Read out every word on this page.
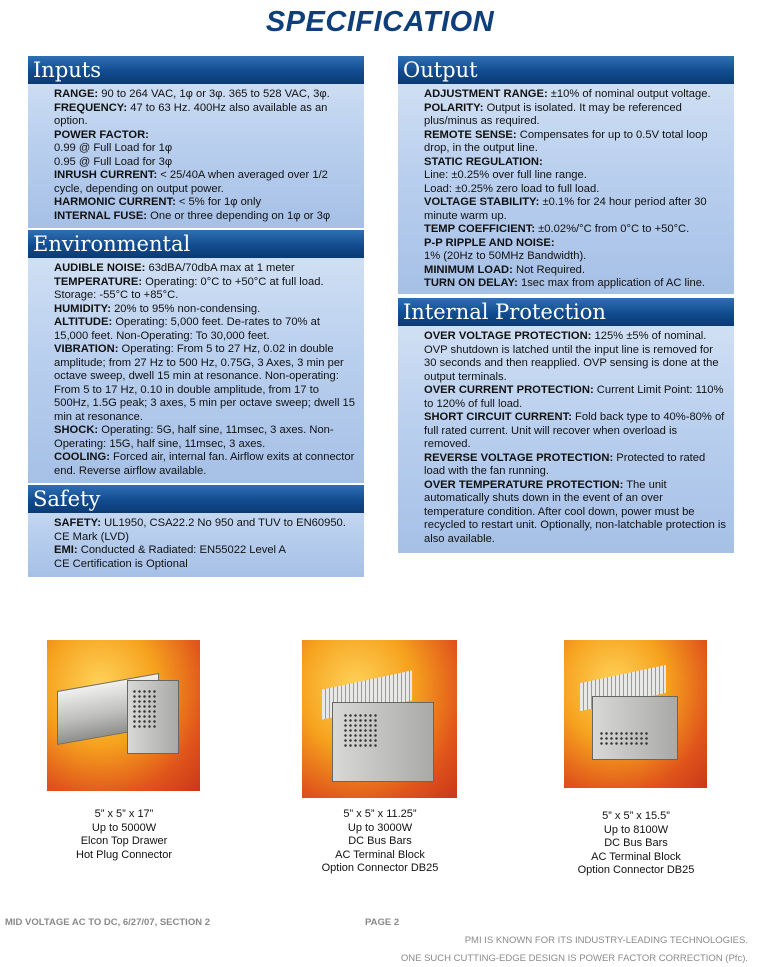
SPECIFICATION
Inputs

RANGE: 90 to 264 VAC, 1φ or 3φ. 365 to 528 VAC, 3φ.

FREQUENCY: 47 to 63 Hz. 400Hz also available as an option.

POWER FACTOR:

0.99 @ Full Load for 1φ

0.95 @ Full Load for 3φ

INRUSH CURRENT: < 25/40A when averaged over 1/2 cycle, depending on output power.

HARMONIC CURRENT: < 5% for 1φ only

INTERNAL FUSE: One or three depending on 1φ or 3φ

Environmental

AUDIBLE NOISE: 63dBA/70dbA max at 1 meter

TEMPERATURE: Operating: 0°C to +50°C at full load. Storage: -55°C to +85°C.

HUMIDITY: 20% to 95% non-condensing.

ALTITUDE: Operating: 5,000 feet. De-rates to 70% at 15,000 feet. Non-Operating: To 30,000 feet.

VIBRATION: Operating: From 5 to 27 Hz, 0.02 in double amplitude; from 27 Hz to 500 Hz, 0.75G, 3 Axes, 3 min per octave sweep, dwell 15 min at resonance. Non-operating: From 5 to 17 Hz, 0.10 in double amplitude, from 17 to 500Hz, 1.5G peak; 3 axes, 5 min per octave sweep; dwell 15 min at resonance.

SHOCK: Operating: 5G, half sine, 11msec, 3 axes. Non-Operating: 15G, half sine, 11msec, 3 axes.

COOLING: Forced air, internal fan. Airflow exits at connector end. Reverse airflow available.

Safety

SAFETY: UL1950, CSA22.2 No 950 and TUV to EN60950. CE Mark (LVD)

EMI: Conducted & Radiated: EN55022 Level A

CE Certification is Optional

Output

ADJUSTMENT RANGE: ±10% of nominal output voltage.

POLARITY: Output is isolated. It may be referenced plus/minus as required.

REMOTE SENSE: Compensates for up to 0.5V total loop drop, in the output line.

STATIC REGULATION:

Line: ±0.25% over full line range.

Load: ±0.25% zero load to full load.

VOLTAGE STABILITY: ±0.1% for 24 hour period after 30 minute warm up.

TEMP COEFFICIENT: ±0.02%/°C from 0°C to +50°C.

P-P RIPPLE AND NOISE:

1% (20Hz to 50MHz Bandwidth).

MINIMUM LOAD: Not Required.

TURN ON DELAY: 1sec max from application of AC line.

Internal Protection

OVER VOLTAGE PROTECTION: 125% ±5% of nominal. OVP shutdown is latched until the input line is removed for 30 seconds and then reapplied. OVP sensing is done at the output terminals.

OVER CURRENT PROTECTION: Current Limit Point: 110% to 120% of full load.

SHORT CIRCUIT CURRENT: Fold back type to 40%-80% of full rated current. Unit will recover when overload is removed.

REVERSE VOLTAGE PROTECTION: Protected to rated load with the fan running.

OVER TEMPERATURE PROTECTION: The unit automatically shuts down in the event of an over temperature condition. After cool down, power must be recycled to restart unit. Optionally, non-latchable protection is also available.

5” x 5” x 17”
Up to 5000W
Elcon Top Drawer
Hot Plug Connector
5” x 5” x 11.25”
Up to 3000W
DC Bus Bars
AC Terminal Block
Option Connector DB25
5” x 5” x 15.5”
Up to 8100W
DC Bus Bars
AC Terminal Block
Option Connector DB25
MID VOLTAGE AC TO DC, 6/27/07, SECTION 2	PAGE 2
PMI IS KNOWN FOR ITS INDUSTRY-LEADING TECHNOLOGIES.
ONE SUCH CUTTING-EDGE DESIGN IS POWER FACTOR CORRECTION (Pfc).
